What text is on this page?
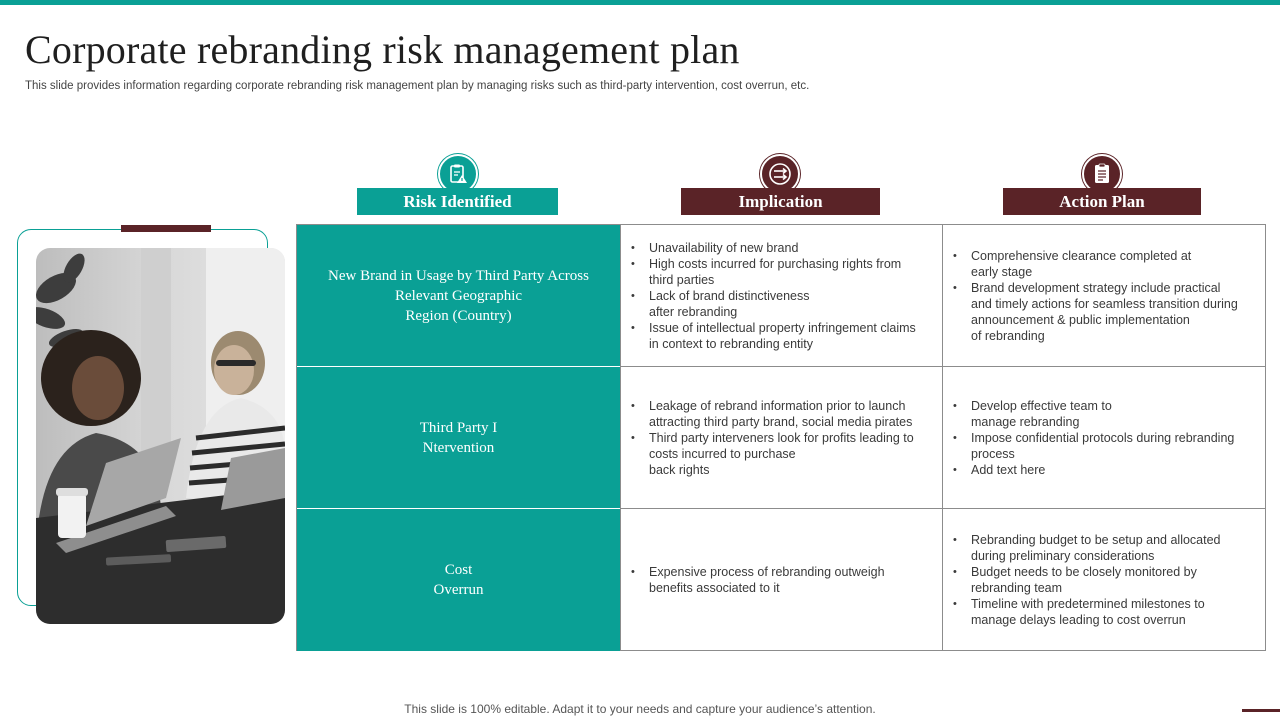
Corporate rebranding risk management plan

This slide provides information regarding corporate rebranding risk management plan by managing risks such as third-party intervention, cost overrun, etc.

Risk Identified	Implication	Action Plan
New Brand in Usage by Third Party Across
Relevant Geographic
Region (Country)
• Unavailability of new brand
• High costs incurred for purchasing rights from
third parties
• Lack of brand distinctiveness
after rebranding
• Issue of intellectual property infringement claims
in context to rebranding entity
• Comprehensive clearance completed at
early stage
• Brand development strategy include practical
and timely actions for seamless transition during
announcement & public implementation
of rebranding
Third Party I
Ntervention
• Leakage of rebrand information prior to launch
attracting third party brand, social media pirates
• Third party interveners look for profits leading to
costs incurred to purchase
back rights
• Develop effective team to
manage rebranding
• Impose confidential protocols during rebranding
process
• Add text here
Cost
Overrun
• Expensive process of rebranding outweigh
benefits associated to it
• Rebranding budget to be setup and allocated
during preliminary considerations
• Budget needs to be closely monitored by
rebranding team
• Timeline with predetermined milestones to
manage delays leading to cost overrun
This slide is 100% editable. Adapt it to your needs and capture your audience’s attention.
